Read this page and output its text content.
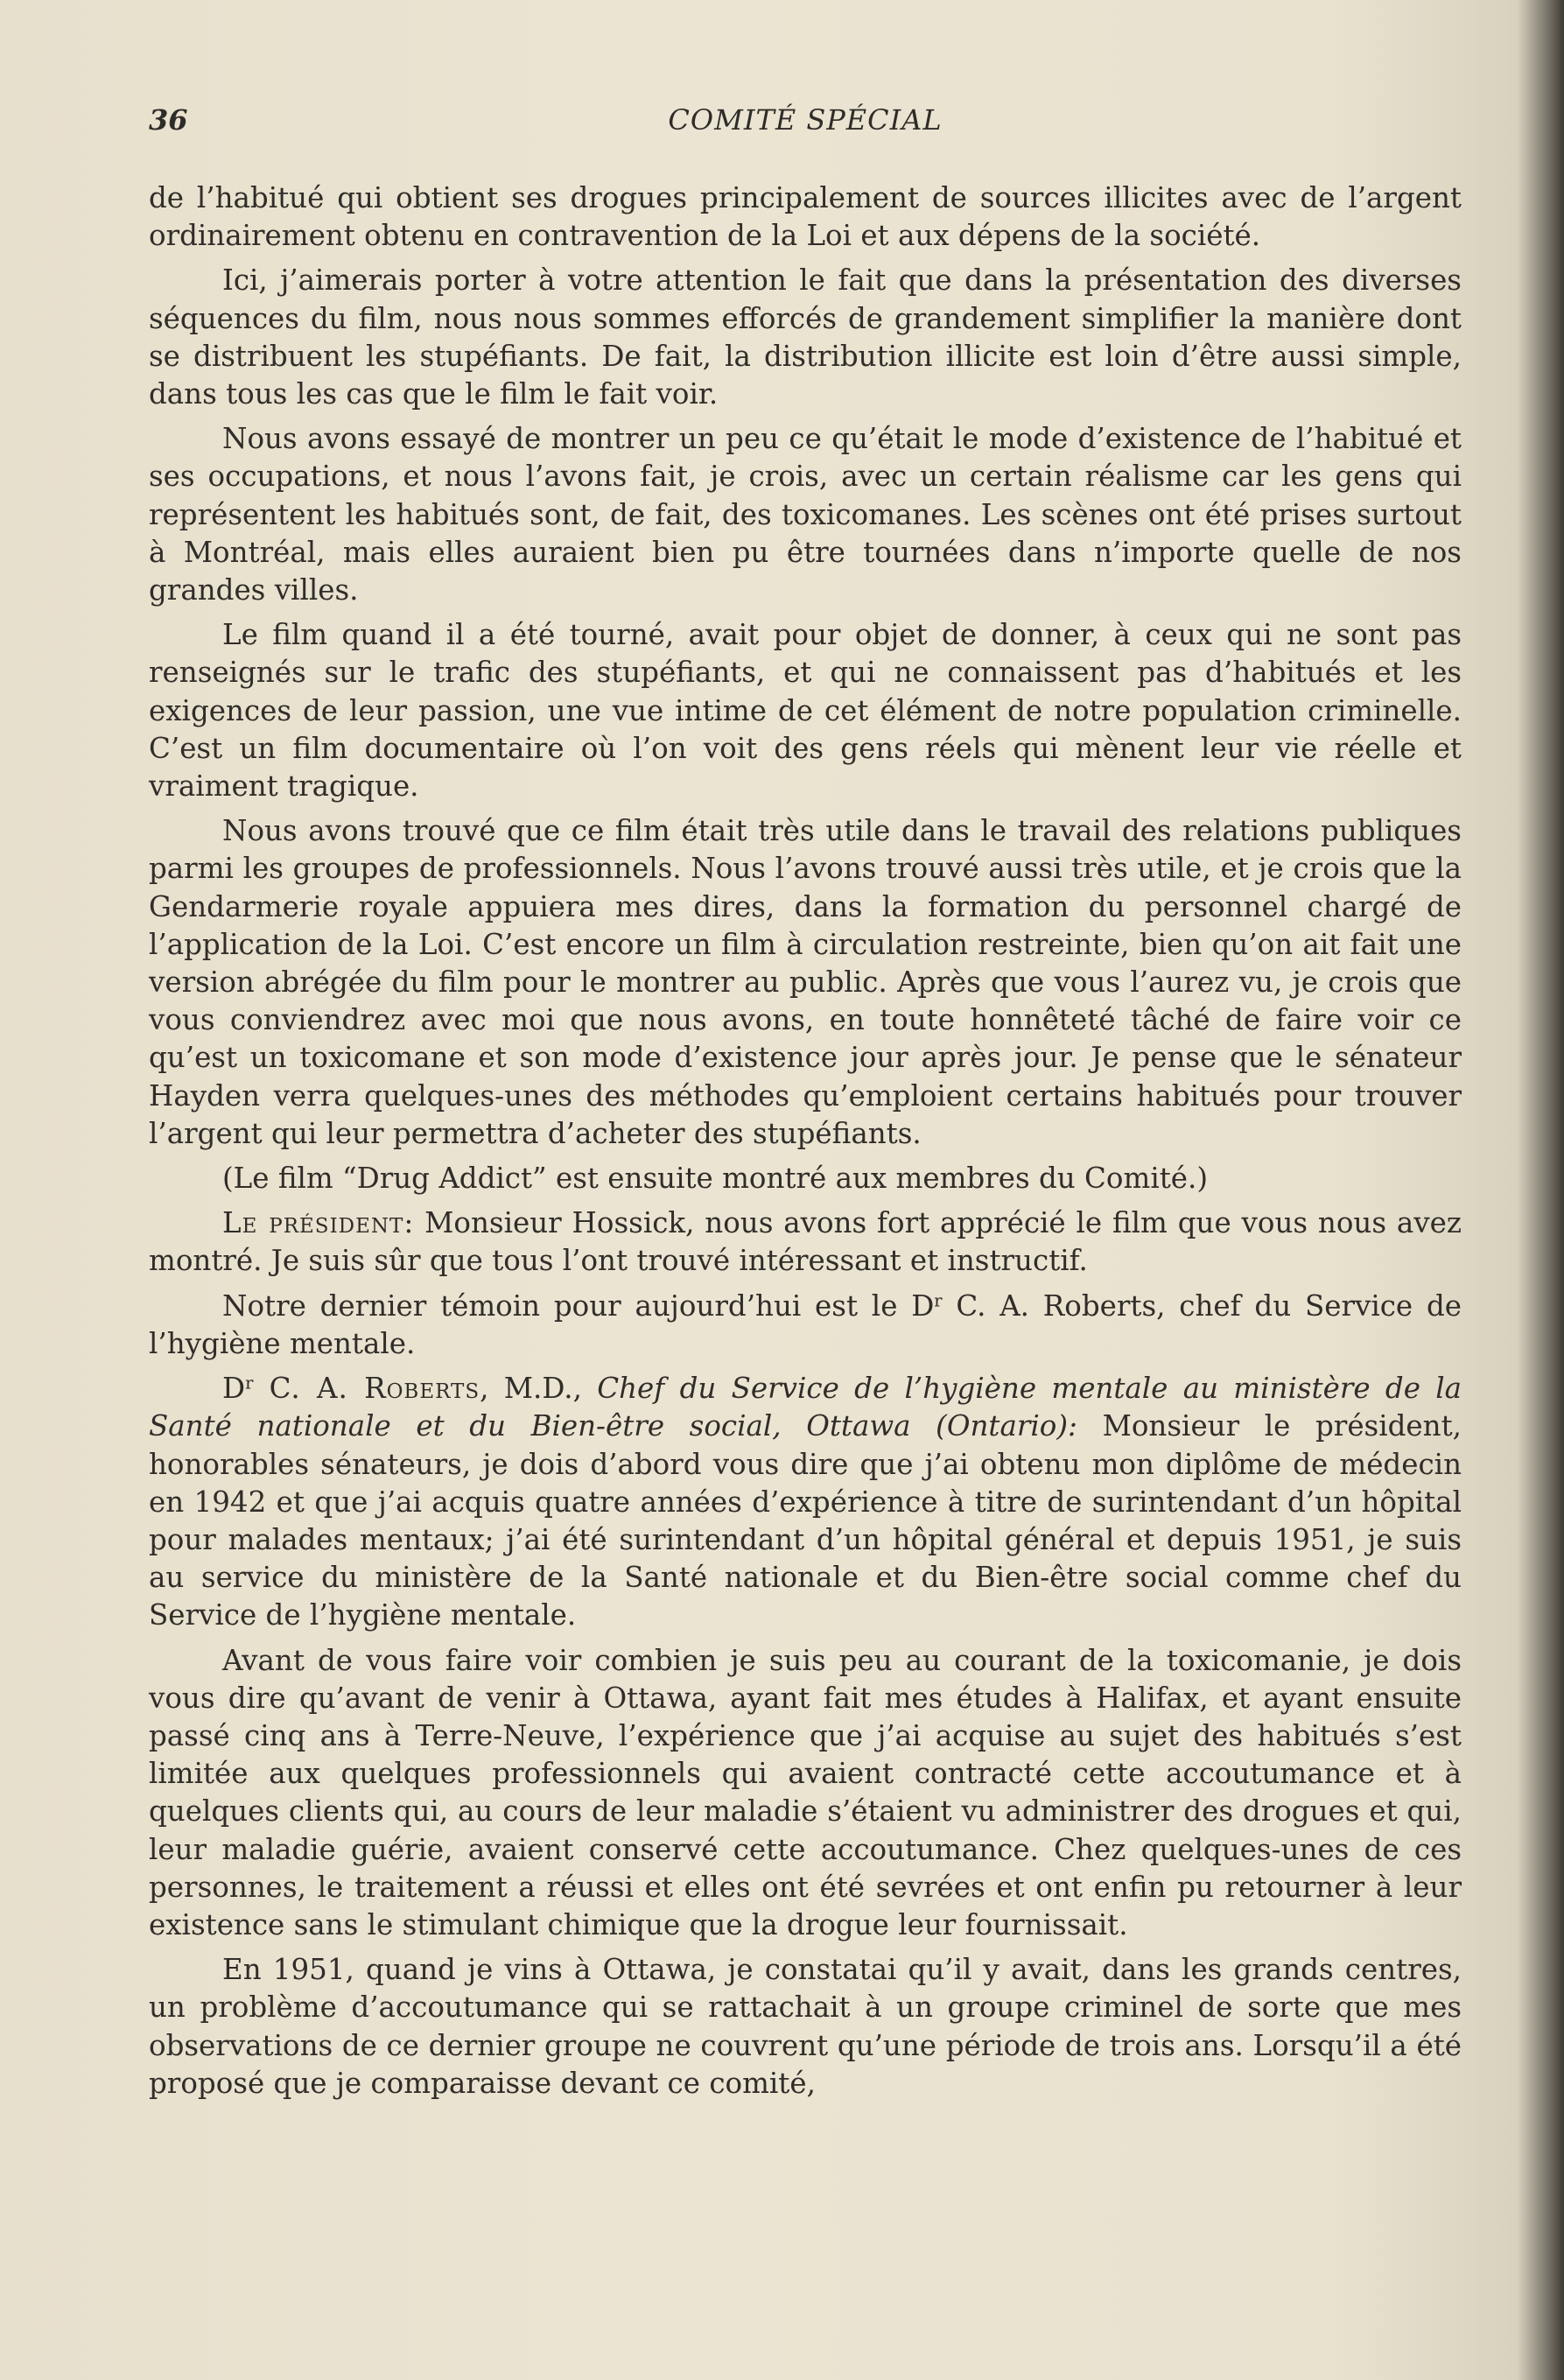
36	COMITÉ SPÉCIAL

de l’habitué qui obtient ses drogues principalement de sources illicites avec de l’argent ordinairement obtenu en contravention de la Loi et aux dépens de la société.

Ici, j’aimerais porter à votre attention le fait que dans la présentation des diverses séquences du film, nous nous sommes efforcés de grandement simplifier la manière dont se distribuent les stupéfiants. De fait, la distribution illicite est loin d’être aussi simple, dans tous les cas que le film le fait voir.

Nous avons essayé de montrer un peu ce qu’était le mode d’existence de l’habitué et ses occupations, et nous l’avons fait, je crois, avec un certain réalisme car les gens qui représentent les habitués sont, de fait, des toxicomanes. Les scènes ont été prises surtout à Montréal, mais elles auraient bien pu être tournées dans n’importe quelle de nos grandes villes.

Le film quand il a été tourné, avait pour objet de donner, à ceux qui ne sont pas renseignés sur le trafic des stupéfiants, et qui ne connaissent pas d’habitués et les exigences de leur passion, une vue intime de cet élément de notre population criminelle. C’est un film documentaire où l’on voit des gens réels qui mènent leur vie réelle et vraiment tragique.

Nous avons trouvé que ce film était très utile dans le travail des relations publiques parmi les groupes de professionnels. Nous l’avons trouvé aussi très utile, et je crois que la Gendarmerie royale appuiera mes dires, dans la formation du personnel chargé de l’application de la Loi. C’est encore un film à circulation restreinte, bien qu’on ait fait une version abrégée du film pour le montrer au public. Après que vous l’aurez vu, je crois que vous conviendrez avec moi que nous avons, en toute honnêteté tâché de faire voir ce qu’est un toxicomane et son mode d’existence jour après jour. Je pense que le sénateur Hayden verra quelques-unes des méthodes qu’emploient certains habitués pour trouver l’argent qui leur permettra d’acheter des stupéfiants.

(Le film “Drug Addict” est ensuite montré aux membres du Comité.)

Le président: Monsieur Hossick, nous avons fort apprécié le film que vous nous avez montré. Je suis sûr que tous l’ont trouvé intéressant et instructif.

Notre dernier témoin pour aujourd’hui est le $D^r$ C. A. Roberts, chef du Service de l’hygiène mentale.

$D^r$ C. A. Roberts, M.D., Chef du Service de l’hygiène mentale au ministère de la Santé nationale et du Bien-être social, Ottawa (Ontario): Monsieur le président, honorables sénateurs, je dois d’abord vous dire que j’ai obtenu mon diplôme de médecin en 1942 et que j’ai acquis quatre années d’expérience à titre de surintendant d’un hôpital pour malades mentaux; j’ai été surintendant d’un hôpital général et depuis 1951, je suis au service du ministère de la Santé nationale et du Bien-être social comme chef du Service de l’hygiène mentale.

Avant de vous faire voir combien je suis peu au courant de la toxicomanie, je dois vous dire qu’avant de venir à Ottawa, ayant fait mes études à Halifax, et ayant ensuite passé cinq ans à Terre-Neuve, l’expérience que j’ai acquise au sujet des habitués s’est limitée aux quelques professionnels qui avaient contracté cette accoutumance et à quelques clients qui, au cours de leur maladie s’étaient vu administrer des drogues et qui, leur maladie guérie, avaient conservé cette accoutumance. Chez quelques-unes de ces personnes, le traitement a réussi et elles ont été sevrées et ont enfin pu retourner à leur existence sans le stimulant chimique que la drogue leur fournissait.

En 1951, quand je vins à Ottawa, je constatai qu’il y avait, dans les grands centres, un problème d’accoutumance qui se rattachait à un groupe criminel de sorte que mes observations de ce dernier groupe ne couvrent qu’une période de trois ans. Lorsqu’il a été proposé que je comparaisse devant ce comité,
